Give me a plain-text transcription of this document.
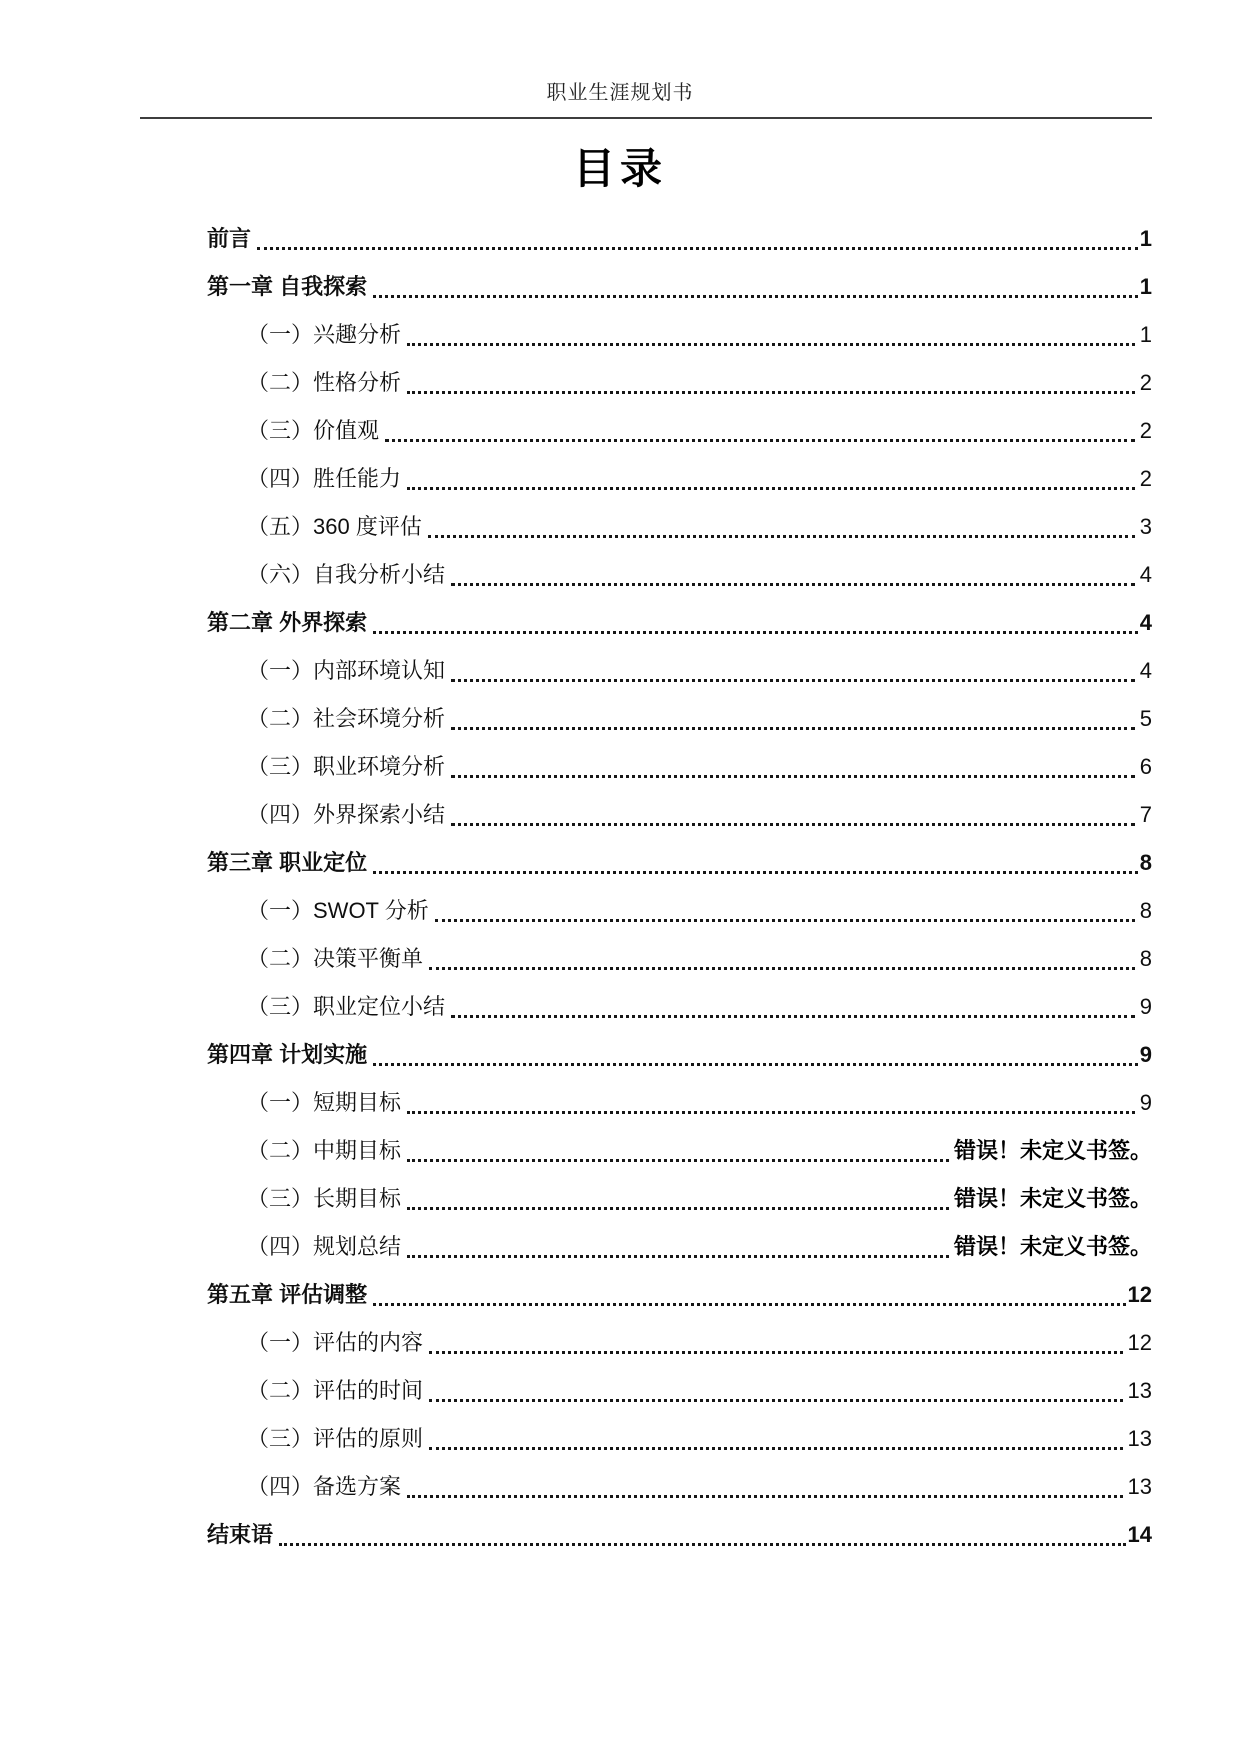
职业生涯规划书
目录
前言	1
第一章 自我探索	1
（一）兴趣分析	1
（二）性格分析	2
（三）价值观	2
（四）胜任能力	2
（五）360 度评估	3
（六）自我分析小结	4
第二章 外界探索	4
（一）内部环境认知	4
（二）社会环境分析	5
（三）职业环境分析	6
（四）外界探索小结	7
第三章 职业定位	8
（一）SWOT 分析	8
（二）决策平衡单	8
（三）职业定位小结	9
第四章 计划实施	9
（一）短期目标	9
（二）中期目标	错误！未定义书签。
（三）长期目标	错误！未定义书签。
（四）规划总结	错误！未定义书签。
第五章 评估调整	12
（一）评估的内容	12
（二）评估的时间	13
（三）评估的原则	13
（四）备选方案	13
结束语	14
